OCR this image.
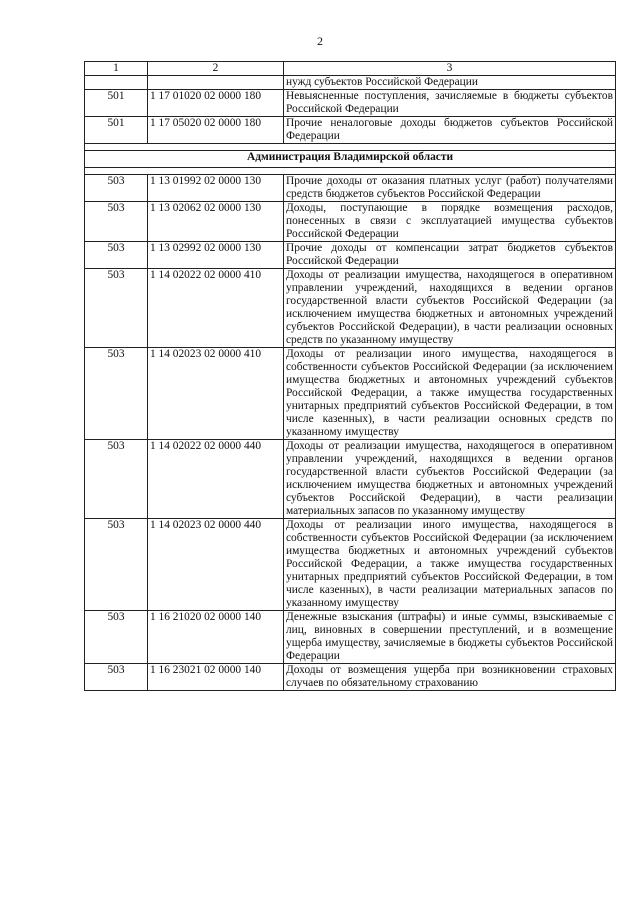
2
1	2	3
		нужд субъектов Российской Федерации
501	1 17 01020 02 0000 180	Невыясненные поступления, зачисляемые в бюджеты субъектов Российской Федерации
501	1 17 05020 02 0000 180	Прочие неналоговые доходы бюджетов субъектов Российской Федерации

Администрация Владимирской области		

503	1 13 01992 02 0000 130	Прочие доходы от оказания платных услуг (работ) получателями средств бюджетов субъектов Российской Федерации
503	1 13 02062 02 0000 130	Доходы, поступающие в порядке возмещения расходов, понесенных в связи с эксплуатацией имущества субъектов Российской Федерации
503	1 13 02992 02 0000 130	Прочие доходы от компенсации затрат бюджетов субъектов Российской Федерации
503	1 14 02022 02 0000 410	Доходы от реализации имущества, находящегося в оперативном управлении учреждений, находящихся в ведении органов государственной власти субъектов Российской Федерации (за исключением имущества бюджетных и автономных учреждений субъектов Российской Федерации), в части реализации основных средств по указанному имуществу
503	1 14 02023 02 0000 410	Доходы от реализации иного имущества, находящегося в собственности субъектов Российской Федерации (за исключением имущества бюджетных и автономных учреждений субъектов Российской Федерации, а также имущества государственных унитарных предприятий субъектов Российской Федерации, в том числе казенных), в части реализации основных средств по указанному имуществу
503	1 14 02022 02 0000 440	Доходы от реализации имущества, находящегося в оперативном управлении учреждений, находящихся в ведении органов государственной власти субъектов Российской Федерации (за исключением имущества бюджетных и автономных учреждений субъектов Российской Федерации), в части реализации материальных запасов по указанному имуществу
503	1 14 02023 02 0000 440	Доходы от реализации иного имущества, находящегося в собственности субъектов Российской Федерации (за исключением имущества бюджетных и автономных учреждений субъектов Российской Федерации, а также имущества государственных унитарных предприятий субъектов Российской Федерации, в том числе казенных), в части реализации материальных запасов по указанному имуществу
503	1 16 21020 02 0000 140	Денежные взыскания (штрафы) и иные суммы, взыскиваемые с лиц, виновных в совершении преступлений, и в возмещение ущерба имуществу, зачисляемые в бюджеты субъектов Российской Федерации
503	1 16 23021 02 0000 140	Доходы от возмещения ущерба при возникновении страховых случаев по обязательному страхованию
